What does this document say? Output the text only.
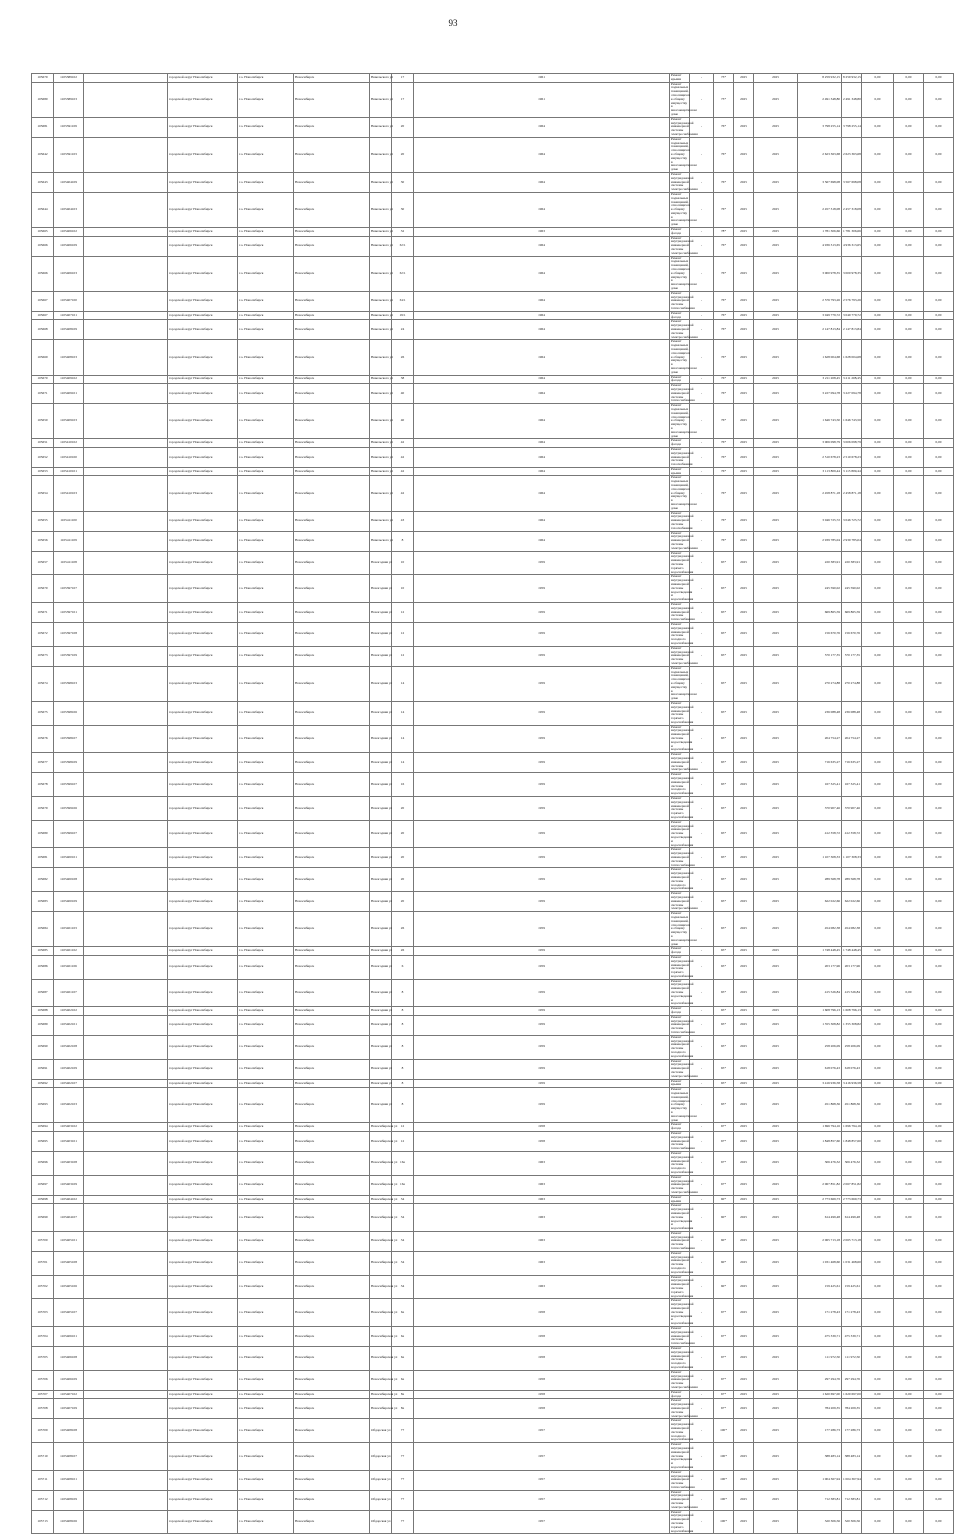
93
105679	1105389102		городской округ Новосибирск	г.о. Новосибирск	Новосибирск	Невельского ул	17	1961	Ремонт крыши	-	73*	2025	2025	8 259 932,15	8 259 932,15	0,00	0,00	0,00
105680	1105389103		городской округ Новосибирск	г.о. Новосибирск	Новосибирск	Невельского ул	17	1961	Ремонт подвальных помещений, относящихся к общему имуществу в многоквартирном доме	-	73*	2025	2025	2 491 348,80	2 491 348,80	0,00	0,00	0,00
105681	1105391109		городской округ Новосибирск	г.о. Новосибирск	Новосибирск	Невельского ул	20	1964	Ремонт внутридомовой инженерной системы электроснабжения	-	76*	2025	2025	3 798 255,14	3 798 255,14	0,00	0,00	0,00
105642	1105391103		городской округ Новосибирск	г.о. Новосибирск	Новосибирск	Невельского ул	20	1964	Ремонт подвальных помещений, относящихся к общему имуществу в многоквартирном доме	-	76*	2025	2025	2 623 363,68	2 623 363,68	0,00	0,00	0,00
105643	1105404109		городской округ Новосибирск	г.о. Новосибирск	Новосибирск	Невельского ул	30	1964	Ремонт внутридомовой инженерной системы электроснабжения	-	76*	2025	2025	3 567 698,08	3 567 698,08	0,00	0,00	0,00
105644	1105404103		городской округ Новосибирск	г.о. Новосибирск	Новосибирск	Невельского ул	30	1964	Ремонт подвальных помещений, относящихся к общему имуществу в многоквартирном доме	-	76*	2025	2025	2 457 318,08	2 457 318,08	0,00	0,00	0,00
105665	1105406102		городской округ Новосибирск	г.о. Новосибирск	Новосибирск	Невельского ул	32	1963	Ремонт фасада	-	78*	2025	2025	1 781 306,66	1 781 306,66	0,00	0,00	0,00
105666	1105406109		городской округ Новосибирск	г.о. Новосибирск	Новосибирск	Невельского ул	32/1	1964	Ремонт внутридомовой инженерной системы электроснабжения	-	76*	2025	2025	4 936 313,65	4 936 313,65	0,00	0,00	0,00
105666	1105406103		городской округ Новосибирск	г.о. Новосибирск	Новосибирск	Невельского ул	32/1	1964	Ремонт подвальных помещений, относящихся к общему имуществу в многоквартирном доме	-	76*	2025	2025	3 000 978,35	3 000 978,35	0,00	0,00	0,00
105667	1105407100		городской округ Новосибирск	г.о. Новосибирск	Новосибирск	Невельского ул	34/1	1964	Ремонт внутридомовой инженерной системы теплоснабжения	-	76*	2025	2025	2 576 793,26	2 576 793,26	0,00	0,00	0,00
105667	1105407101		городской округ Новосибирск	г.о. Новосибирск	Новосибирск	Невельского ул	19/1	1964	Ремонт фасада	-	76*	2025	2025	3 049 779,72	3 049 779,72	0,00	0,00	0,00
105668	1105408109		городской округ Новосибирск	г.о. Новосибирск	Новосибирск	Невельского ул	24	1964	Ремонт внутридомовой инженерной системы электроснабжения	-	76*	2025	2025	2 147 813,84	2 147 813,84	0,00	0,00	0,00
105669	1105408103		городской округ Новосибирск	г.о. Новосибирск	Новосибирск	Невельского ул	26	1964	Ремонт подвальных помещений, относящихся к общему имуществу в многоквартирном доме	-	76*	2025	2025	1 628 004,68	1 628 004,68	0,00	0,00	0,00
105670	1105409102		городской округ Новосибирск	г.о. Новосибирск	Новосибирск	Невельского ул	38	1964	Ремонт фасада	-	76*	2025	2025	3 211 208,45	3 211 208,45	0,00	0,00	0,00
105671	1105409101		городской округ Новосибирск	г.о. Новосибирск	Новосибирск	Невельского ул	40	1964	Ремонт внутридомовой инженерной системы теплоснабжения	-	76*	2025	2025	3 227 094,78	3 227 094,78	0,00	0,00	0,00
105650	1105409103		городской округ Новосибирск	г.о. Новосибирск	Новосибирск	Невельского ул	40	1964	Ремонт подвальных помещений, относящихся к общему имуществу в многоквартирном доме	-	76*	2025	2025	1 646 743,50	1 646 743,50	0,00	0,00	0,00
105651	1105410102		городской округ Новосибирск	г.о. Новосибирск	Новосибирск	Невельского ул	42	1964	Ремонт фасада	-	76*	2025	2025	3 006 098,79	3 006 098,79	0,00	0,00	0,00
105652	1105410100		городской округ Новосибирск	г.о. Новосибирск	Новосибирск	Невельского ул	42	1964	Ремонт внутридомовой инженерной системы газоснабжения	-	76*	2025	2025	2 510 678,23	2 510 678,23	0,00	0,00	0,00
105653	1105410101		городской округ Новосибирск	г.о. Новосибирск	Новосибирск	Невельского ул	42	1964	Ремонт крыши	-	76*	2025	2025	3 113 809,44	3 113 809,44	0,00	0,00	0,00
105654	1105410103		городской округ Новосибирск	г.о. Новосибирск	Новосибирск	Невельского ул	42	1964	Ремонт подвальных помещений, относящихся к общему имуществу в многоквартирном доме	-	76*	2025	2025	2 458 871,18	2 458 871,18	0,00	0,00	0,00
105655	1105411100		городской округ Новосибирск	г.о. Новосибирск	Новосибирск	Невельского ул	43	1964	Ремонт внутридомовой инженерной системы газоснабжения	-	76*	2025	2025	3 046 725,72	3 046 725,72	0,00	0,00	0,00
105656	1105411109		городской округ Новосибирск	г.о. Новосибирск	Новосибирск	Невельского ул	8	1964	Ремонт внутридомовой инженерной системы электроснабжения	-	76*	2025	2025	2 939 785,04	2 939 785,04	0,00	0,00	0,00
105657	1105411108		городской округ Новосибирск	г.о. Новосибирск	Новосибирск	Новогодняя ул	10	1959	Ремонт внутридомовой инженерной системы горячего водоснабжения	-	65*	2025	2025	220 383,91	220 383,91	0,00	0,00	0,00
105670	1105397107		городской округ Новосибирск	г.о. Новосибирск	Новосибирск	Новогодняя ул	10	1959	Ремонт внутридомовой инженерной системы водоотведения и водоснабжения	-	65*	2025	2025	245 590,02	245 590,02	0,00	0,00	0,00
105671	1105397101		городской округ Новосибирск	г.о. Новосибирск	Новосибирск	Новогодняя ул	12	1959	Ремонт внутридомовой инженерной системы теплоснабжения	-	65*	2025	2025	669 865,59	669 865,59	0,00	0,00	0,00
105672	1105397108		городской округ Новосибирск	г.о. Новосибирск	Новосибирск	Новогодняя ул	12	1959	Ремонт внутридомовой инженерной системы холодного водоснабжения	-	65*	2025	2025	156 670,76	156 670,76	0,00	0,00	0,00
105673	1105397109		городской округ Новосибирск	г.о. Новосибирск	Новосибирск	Новогодняя ул	12	1959	Ремонт внутридомовой инженерной системы электроснабжения	-	65*	2025	2025	570 177,35	570 177,35	0,00	0,00	0,00
105674	1105398103		городской округ Новосибирск	г.о. Новосибирск	Новосибирск	Новогодняя ул	14	1959	Ремонт подвальных помещений, относящихся к общему имуществу в многоквартирном доме	-	65*	2025	2025	270 274,88	270 274,88	0,00	0,00	0,00
105675	1105398106		городской округ Новосибирск	г.о. Новосибирск	Новосибирск	Новогодняя ул	14	1959	Ремонт внутридомовой инженерной системы горячего водоснабжения	-	65*	2025	2025	236 088,48	236 088,48	0,00	0,00	0,00
105676	1105398107		городской округ Новосибирск	г.о. Новосибирск	Новосибирск	Новогодняя ул	14	1959	Ремонт внутридомовой инженерной системы водоотведения и водоснабжения	-	65*	2025	2025	204 754,27	204 754,27	0,00	0,00	0,00
105677	1105398109		городской округ Новосибирск	г.о. Новосибирск	Новосибирск	Новогодняя ул	14	1959	Ремонт внутридомовой инженерной системы электроснабжения	-	65*	2025	2025	716 635,27	716 635,27	0,00	0,00	0,00
105678	1105399107		городской округ Новосибирск	г.о. Новосибирск	Новосибирск	Новогодняя ул	16	1959	Ремонт внутридомовой инженерной системы холодного водоснабжения	-	65*	2025	2025	167 325,41	167 325,41	0,00	0,00	0,00
105679	1105399106		городской округ Новосибирск	г.о. Новосибирск	Новосибирск	Новогодняя ул	20	1959	Ремонт внутридомовой инженерной системы горячего водоснабжения	-	65*	2025	2025	370 907,46	370 907,46	0,00	0,00	0,00
105680	1105399107		городской округ Новосибирск	г.о. Новосибирск	Новосибирск	Новогодняя ул	20	1959	Ремонт внутридомовой инженерной системы водоотведения и водоснабжения	-	65*	2025	2025	412 358,72	412 358,72	0,00	0,00	0,00
105681	1105400101		городской округ Новосибирск	г.о. Новосибирск	Новосибирск	Новогодняя ул	20	1959	Ремонт внутридомовой инженерной системы теплоснабжения	-	65*	2025	2025	1 107 308,33	1 107 308,33	0,00	0,00	0,00
105682	1105400108		городской округ Новосибирск	г.о. Новосибирск	Новосибирск	Новогодняя ул	20	1959	Ремонт внутридомовой инженерной системы холодного водоснабжения	-	65*	2025	2025	289 568,78	289 568,78	0,00	0,00	0,00
105683	1105400109		городской округ Новосибирск	г.о. Новосибирск	Новосибирск	Новогодняя ул	20	1959	Ремонт внутридомовой инженерной системы электроснабжения	-	65*	2025	2025	622 022,66	622 022,66	0,00	0,00	0,00
105684	1105401103		городской округ Новосибирск	г.о. Новосибирск	Новосибирск	Новогодняя ул	26	1959	Ремонт подвальных помещений, относящихся к общему имуществу в многоквартирном доме	-	65*	2025	2025	454 082,38	454 082,38	0,00	0,00	0,00
105685	1105401102		городской округ Новосибирск	г.о. Новосибирск	Новосибирск	Новогодняя ул	26	1959	Ремонт фасада	-	65*	2025	2025	1 748 448,45	1 748 448,45	0,00	0,00	0,00
105686	1105401106		городской округ Новосибирск	г.о. Новосибирск	Новосибирск	Новогодняя ул	6	1959	Ремонт внутридомовой инженерной системы горячего водоснабжения	-	65*	2025	2025	203 177,96	203 177,96	0,00	0,00	0,00
105687	1105401107		городской округ Новосибирск	г.о. Новосибирск	Новосибирск	Новогодняя ул	8	1959	Ремонт внутридомовой инженерной системы водоотведения и водоснабжения	-	65*	2025	2025	415 526,84	415 526,84	0,00	0,00	0,00
105688	1105402102		городской округ Новосибирск	г.о. Новосибирск	Новосибирск	Новогодняя ул	8	1959	Ремонт фасада	-	65*	2025	2025	1 608 796,13	1 608 796,13	0,00	0,00	0,00
105689	1105402101		городской округ Новосибирск	г.о. Новосибирск	Новосибирск	Новогодняя ул	8	1959	Ремонт внутридомовой инженерной системы теплоснабжения	-	65*	2025	2025	1 355 308,82	1 355 308,82	0,00	0,00	0,00
105690	1105402108		городской округ Новосибирск	г.о. Новосибирск	Новосибирск	Новогодняя ул	8	1959	Ремонт внутридомовой инженерной системы холодного водоснабжения	-	65*	2025	2025	258 206,09	258 206,09	0,00	0,00	0,00
105691	1105402109		городской округ Новосибирск	г.о. Новосибирск	Новосибирск	Новогодняя ул	8	1959	Ремонт внутридомовой инженерной системы электроснабжения	-	65*	2025	2025	618 076,43	618 076,43	0,00	0,00	0,00
105692	1105402107		городской округ Новосибирск	г.о. Новосибирск	Новосибирск	Новогодняя ул	8	1959	Ремонт крыши	-	65*	2025	2025	3 416 936,58	3 416 936,58	0,00	0,00	0,00
105693	1105402103		городской округ Новосибирск	г.о. Новосибирск	Новосибирск	Новогодняя ул	8	1959	Ремонт подвальных помещений, относящихся к общему имуществу в многоквартирном доме	-	65*	2025	2025	451 868,36	451 868,36	0,00	0,00	0,00
105694	1105403102		городской округ Новосибирск	г.о. Новосибирск	Новосибирск	Новосибирская ул	12	1958	Ремонт фасада	-	67*	2025	2025	1 696 794,16	1 696 794,16	0,00	0,00	0,00
105695	1105403101		городской округ Новосибирск	г.о. Новосибирск	Новосибирск	Новосибирская ул	12	1958	Ремонт внутридомовой инженерной системы теплоснабжения	-	67*	2025	2025	1 848 857,60	1 848 857,60	0,00	0,00	0,00
105696	1105403108		городской округ Новосибирск	г.о. Новосибирск	Новосибирск	Новосибирская ул	16а	1963	Ремонт внутридомовой инженерной системы холодного водоснабжения	-	67*	2025	2025	306 476,32	306 476,32	0,00	0,00	0,00
105697	1105403109		городской округ Новосибирск	г.о. Новосибирск	Новосибирск	Новосибирская ул	16а	1963	Ремонт внутридомовой инженерной системы электроснабжения	-	67*	2025	2025	2 067 851,82	2 067 851,82	0,00	0,00	0,00
105698	1105404102		городской округ Новосибирск	г.о. Новосибирск	Новосибирск	Новосибирская ул	34	1963	Ремонт крыши	-	60*	2025	2025	2 773 669,73	2 773 669,73	0,00	0,00	0,00
105699	1105404107		городской округ Новосибирск	г.о. Новосибирск	Новосибирск	Новосибирская ул	34	1963	Ремонт внутридомовой инженерной системы водоотведения и водоснабжения	-	60*	2025	2025	614 499,48	614 499,48	0,00	0,00	0,00
105700	1105405101		городской округ Новосибирск	г.о. Новосибирск	Новосибирск	Новосибирская ул	34	1963	Ремонт внутридомовой инженерной системы теплоснабжения	-	60*	2025	2025	2 065 713,18	2 065 713,18	0,00	0,00	0,00
105701	1105405108		городской округ Новосибирск	г.о. Новосибирск	Новосибирск	Новосибирская ул	34	1963	Ремонт внутридомовой инженерной системы холодного водоснабжения	-	60*	2025	2025	1 031 468,60	1 031 468,60	0,00	0,00	0,00
105702	1105405106		городской округ Новосибирск	г.о. Новосибирск	Новосибирск	Новосибирская ул	34	1963	Ремонт внутридомовой инженерной системы горячего водоснабжения	-	60*	2025	2025	159 425,61	159 425,61	0,00	0,00	0,00
105703	1105405107		городской округ Новосибирск	г.о. Новосибирск	Новосибирск	Новосибирская ул	6а	1958	Ремонт внутридомовой инженерной системы водоотведения и водоснабжения	-	67*	2025	2025	171 278,43	171 278,43	0,00	0,00	0,00
105704	1105406101		городской округ Новосибирск	г.о. Новосибирск	Новосибирск	Новосибирская ул	6а	1958	Ремонт внутридомовой инженерной системы теплоснабжения	-	67*	2025	2025	475 339,71	475 339,71	0,00	0,00	0,00
105705	1105406108		городской округ Новосибирск	г.о. Новосибирск	Новосибирск	Новосибирская ул	6а	1958	Ремонт внутридомовой инженерной системы холодного водоснабжения	-	67*	2025	2025	111 972,50	111 972,50	0,00	0,00	0,00
105706	1105406109		городской округ Новосибирск	г.о. Новосибирск	Новосибирск	Новосибирская ул	6а	1958	Ремонт внутридомовой инженерной системы электроснабжения	-	67*	2025	2025	297 294,76	297 294,76	0,00	0,00	0,00
105707	1105407102		городской округ Новосибирск	г.о. Новосибирск	Новосибирск	Новосибирская ул	8а	1958	Ремонт фасада	-	67*	2025	2025	1 620 697,00	1 620 697,00	0,00	0,00	0,00
105708	1105407109		городской округ Новосибирск	г.о. Новосибирск	Новосибирск	Новосибирская ул	8а	1958	Ремонт внутридомовой инженерной системы электроснабжения	-	67*	2025	2025	784 209,35	784 209,35	0,00	0,00	0,00
105709	1105408108		городской округ Новосибирск	г.о. Новосибирск	Новосибирск	Обдорская ул	77	1957	Ремонт внутридомовой инженерной системы холодного водоснабжения	-	100*	2025	2025	177 286,73	177 286,73	0,00	0,00	0,00
105710	1105408107		городской округ Новосибирск	г.о. Новосибирск	Новосибирск	Обдорская ул	77	1957	Ремонт внутридомовой инженерной системы водоотведения и водоснабжения	-	100*	2025	2025	388 483,14	388 483,14	0,00	0,00	0,00
105711	1105408101		городской округ Новосибирск	г.о. Новосибирск	Новосибирск	Обдорская ул	77	1957	Ремонт внутридомовой инженерной системы теплоснабжения	-	100*	2025	2025	1 004 367,94	1 004 367,94	0,00	0,00	0,00
105712	1105408109		городской округ Новосибирск	г.о. Новосибирск	Новосибирск	Обдорская ул	77	1957	Ремонт внутридомовой инженерной системы электроснабжения	-	100*	2025	2025	712 383,81	712 383,81	0,00	0,00	0,00
105713	1105408106		городской округ Новосибирск	г.о. Новосибирск	Новосибирск	Обдорская ул	77	1957	Ремонт внутридомовой инженерной системы горячего водоснабжения	-	100*	2025	2025	320 306,56	320 306,56	0,00	0,00	0,00
